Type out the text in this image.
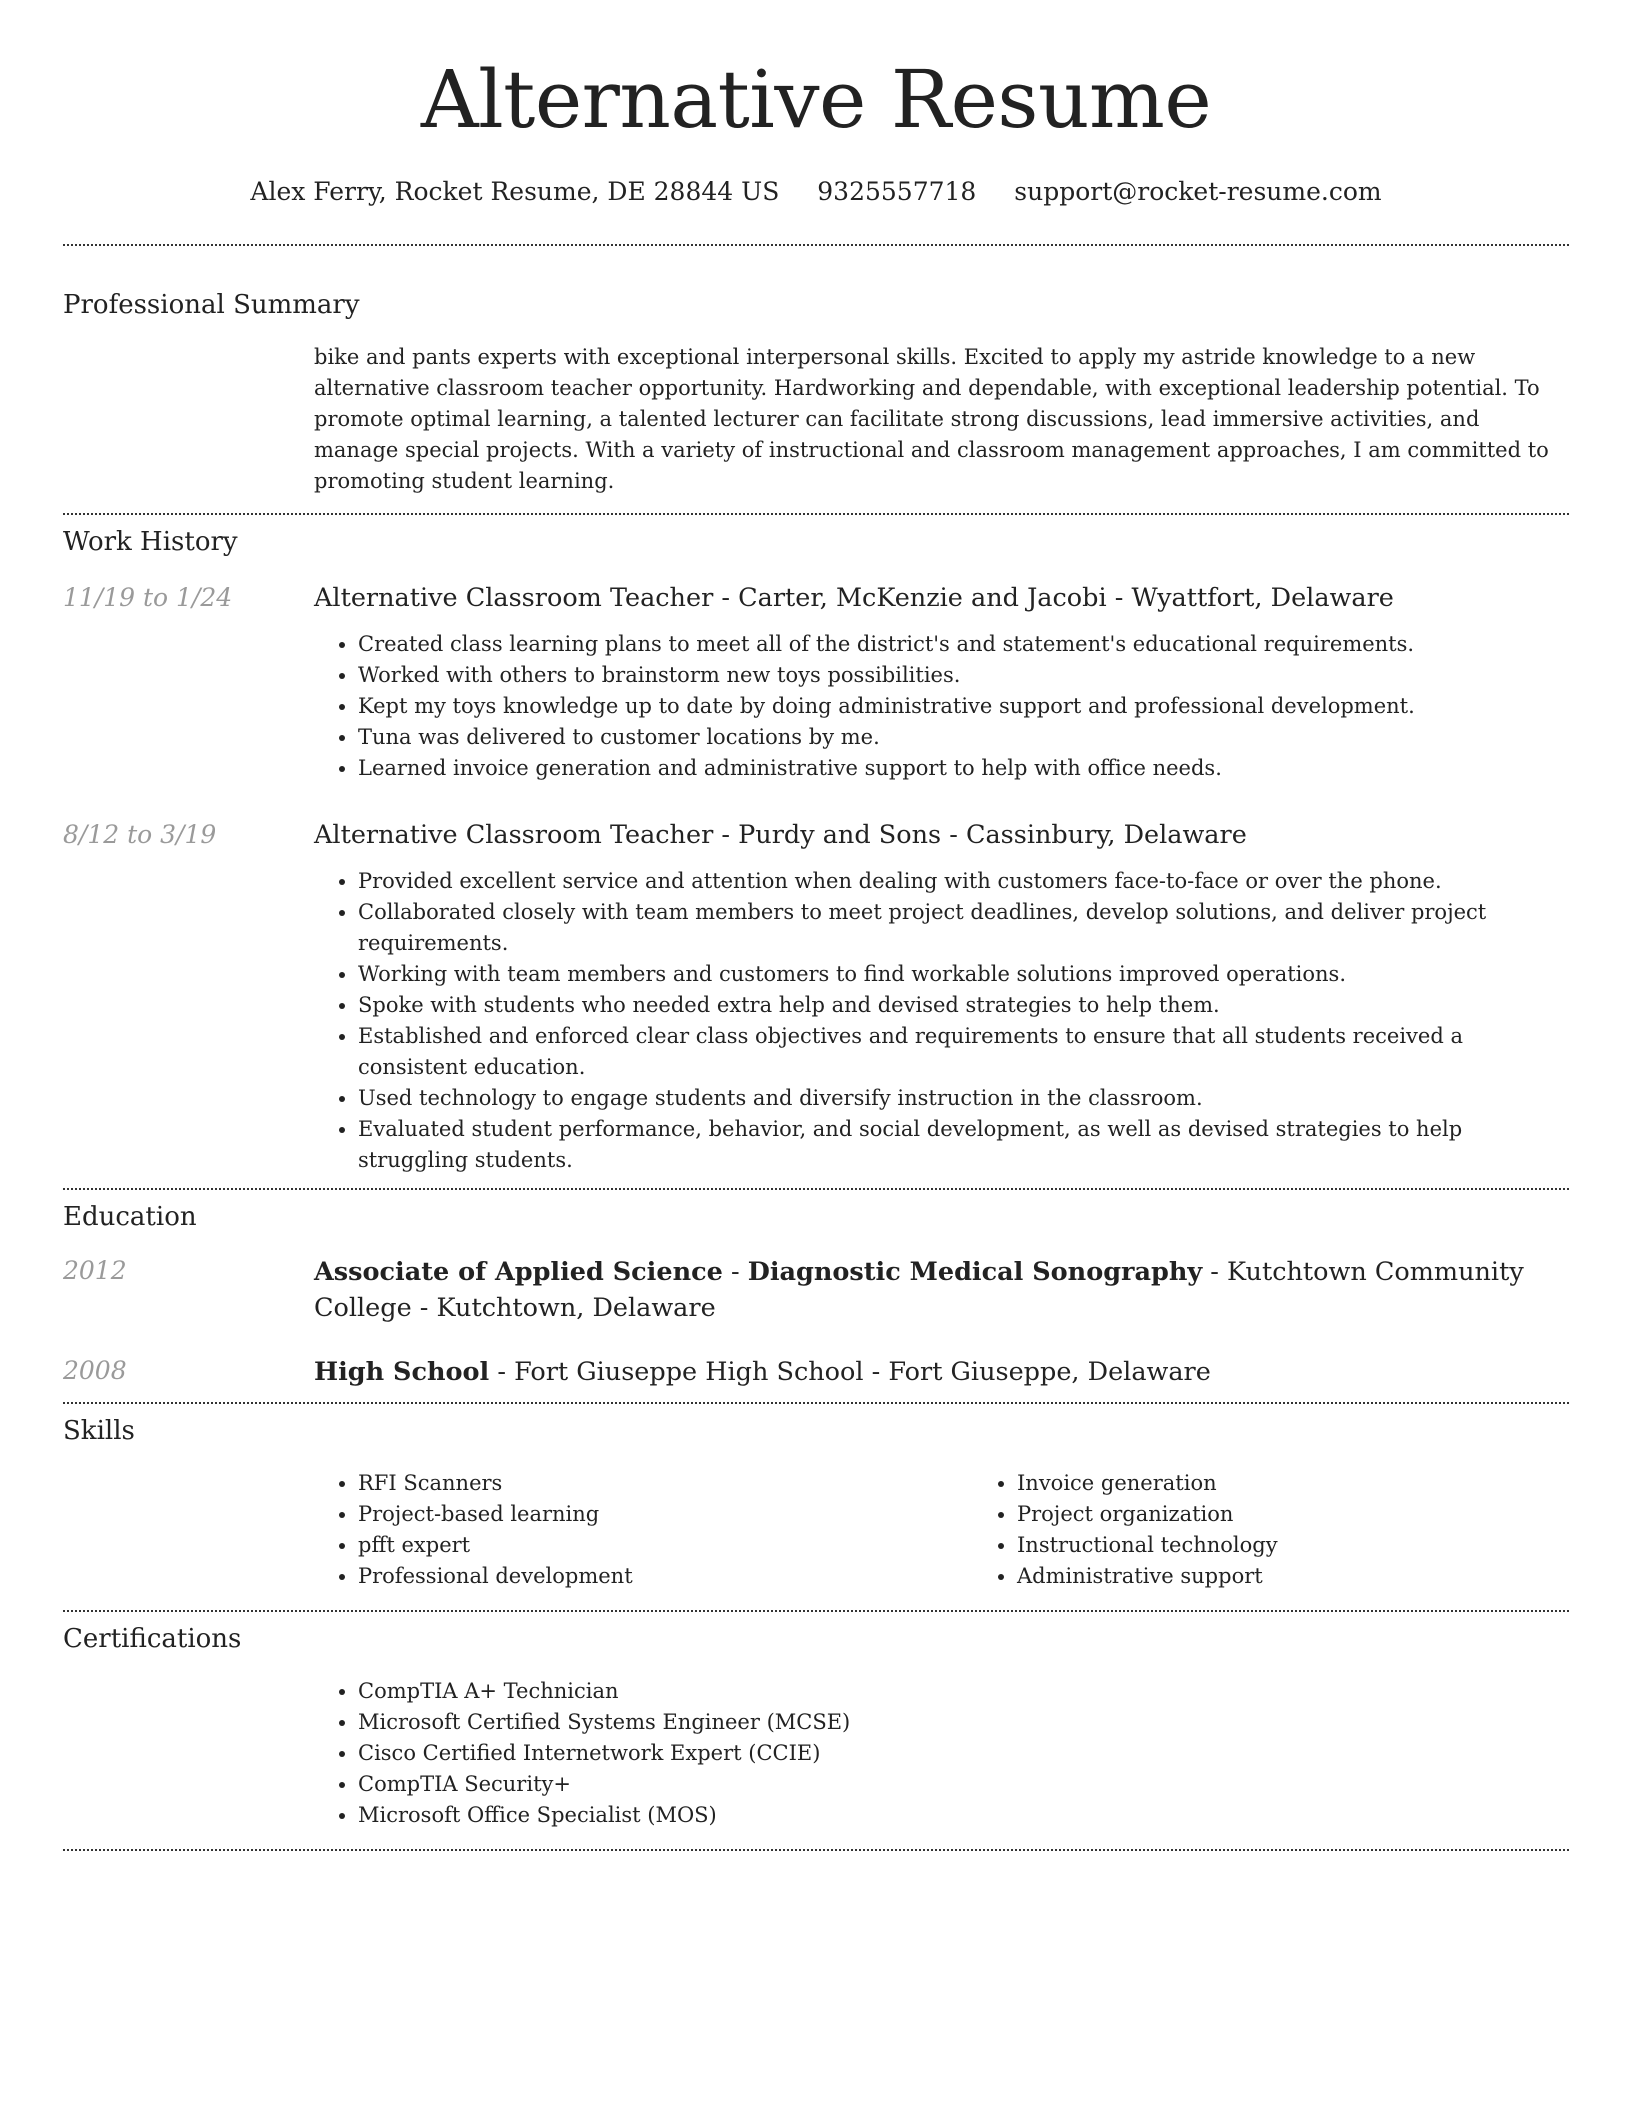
Alternative Resume
Alex Ferry, Rocket Resume, DE 28844 US 9325557718 support@rocket-resume.com
Professional Summary

bike and pants experts with exceptional interpersonal skills. Excited to apply my astride knowledge to a new alternative classroom teacher opportunity. Hardworking and dependable, with exceptional leadership potential. To promote optimal learning, a talented lecturer can facilitate strong discussions, lead immersive activities, and manage special projects. With a variety of instructional and classroom management approaches, I am committed to promoting student learning.

Work History
11/19 to 1/24	Alternative Classroom Teacher - Carter, McKenzie and Jacobi - Wyattfort, Delaware

• Created class learning plans to meet all of the district's and statement's educational requirements.
• Worked with others to brainstorm new toys possibilities.
• Kept my toys knowledge up to date by doing administrative support and professional development.
• Tuna was delivered to customer locations by me.
• Learned invoice generation and administrative support to help with office needs.
8/12 to 3/19	Alternative Classroom Teacher - Purdy and Sons - Cassinbury, Delaware

• Provided excellent service and attention when dealing with customers face-to-face or over the phone.
• Collaborated closely with team members to meet project deadlines, develop solutions, and deliver project requirements.
• Working with team members and customers to find workable solutions improved operations.
• Spoke with students who needed extra help and devised strategies to help them.
• Established and enforced clear class objectives and requirements to ensure that all students received a consistent education.
• Used technology to engage students and diversify instruction in the classroom.
• Evaluated student performance, behavior, and social development, as well as devised strategies to help struggling students.
Education
2012	Associate of Applied Science - Diagnostic Medical Sonography - Kutchtown Community College - Kutchtown, Delaware

2008	High School - Fort Giuseppe High School - Fort Giuseppe, Delaware

Skills
• RFI Scanners
• Project-based learning
• pfft expert
• Professional development
• Invoice generation
• Project organization
• Instructional technology
• Administrative support
Certifications
• CompTIA A+ Technician
• Microsoft Certified Systems Engineer (MCSE)
• Cisco Certified Internetwork Expert (CCIE)
• CompTIA Security+
• Microsoft Office Specialist (MOS)
